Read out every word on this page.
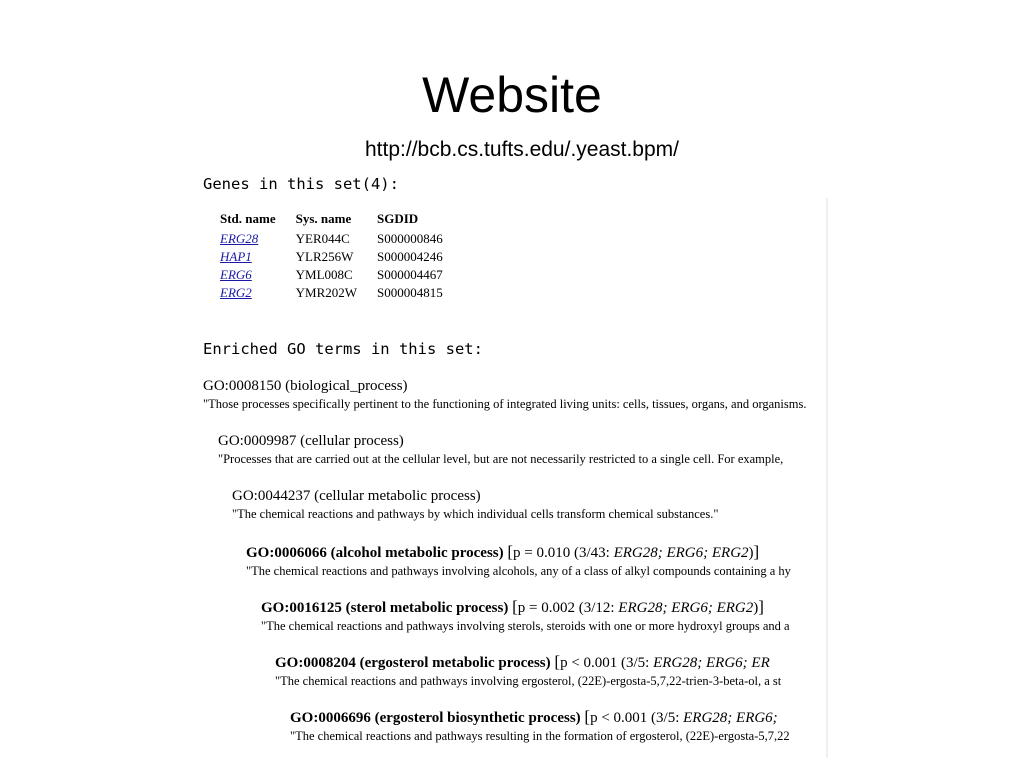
Website
http://bcb.cs.tufts.edu/.yeast.bpm/
Genes in this set(4):
Std. name	Sys. name	SGDID
ERG28	YER044C	S000000846
HAP1	YLR256W	S000004246
ERG6	YML008C	S000004467
ERG2	YMR202W	S000004815
Enriched GO terms in this set:
GO:0008150 (biological_process)
"Those processes specifically pertinent to the functioning of integrated living units: cells, tissues, organs, and organisms.
GO:0009987 (cellular process)
"Processes that are carried out at the cellular level, but are not necessarily restricted to a single cell. For example,
GO:0044237 (cellular metabolic process)
"The chemical reactions and pathways by which individual cells transform chemical substances."
GO:0006066 (alcohol metabolic process) [p = 0.010 (3/43: ERG28; ERG6; ERG2)]
"The chemical reactions and pathways involving alcohols, any of a class of alkyl compounds containing a hy
GO:0016125 (sterol metabolic process) [p = 0.002 (3/12: ERG28; ERG6; ERG2)]
"The chemical reactions and pathways involving sterols, steroids with one or more hydroxyl groups and a
GO:0008204 (ergosterol metabolic process) [p < 0.001 (3/5: ERG28; ERG6; ER
"The chemical reactions and pathways involving ergosterol, (22E)-ergosta-5,7,22-trien-3-beta-ol, a st
GO:0006696 (ergosterol biosynthetic process) [p < 0.001 (3/5: ERG28; ERG6;
"The chemical reactions and pathways resulting in the formation of ergosterol, (22E)-ergosta-5,7,22
